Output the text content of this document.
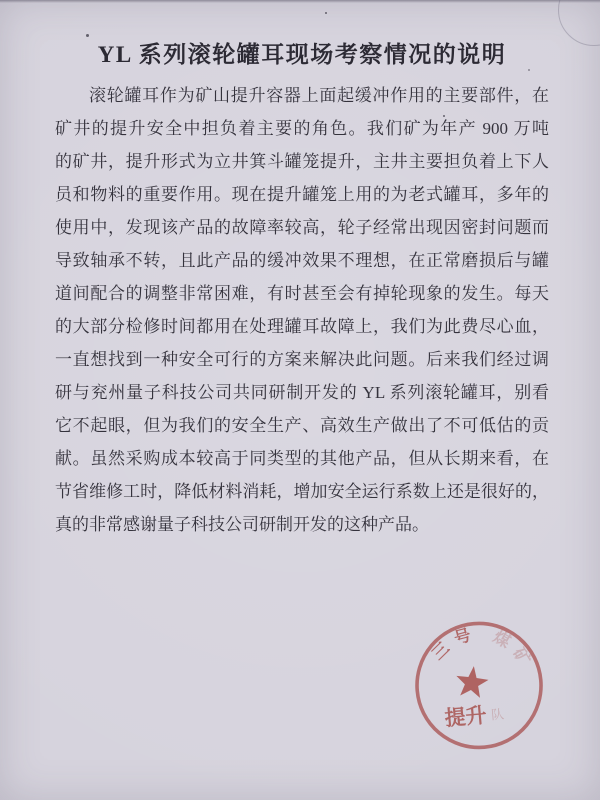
YL 系列滚轮罐耳现场考察情况的说明
滚轮罐耳作为矿山提升容器上面起缓冲作用的主要部件，在
矿井的提升安全中担负着主要的角色。我们矿为年产 900 万吨
的矿井，提升形式为立井箕斗罐笼提升，主井主要担负着上下人
员和物料的重要作用。现在提升罐笼上用的为老式罐耳，多年的
使用中，发现该产品的故障率较高，轮子经常出现因密封问题而
导致轴承不转，且此产品的缓冲效果不理想，在正常磨损后与罐
道间配合的调整非常困难，有时甚至会有掉轮现象的发生。每天
的大部分检修时间都用在处理罐耳故障上，我们为此费尽心血，
一直想找到一种安全可行的方案来解决此问题。后来我们经过调
研与兖州量子科技公司共同研制开发的 YL 系列滚轮罐耳，别看
它不起眼，但为我们的安全生产、高效生产做出了不可低估的贡
献。虽然采购成本较高于同类型的其他产品，但从长期来看，在
节省维修工时，降低材料消耗，增加安全运行系数上还是很好的，
真的非常感谢量子科技公司研制开发的这种产品。
三号 煤矿
提升 队
